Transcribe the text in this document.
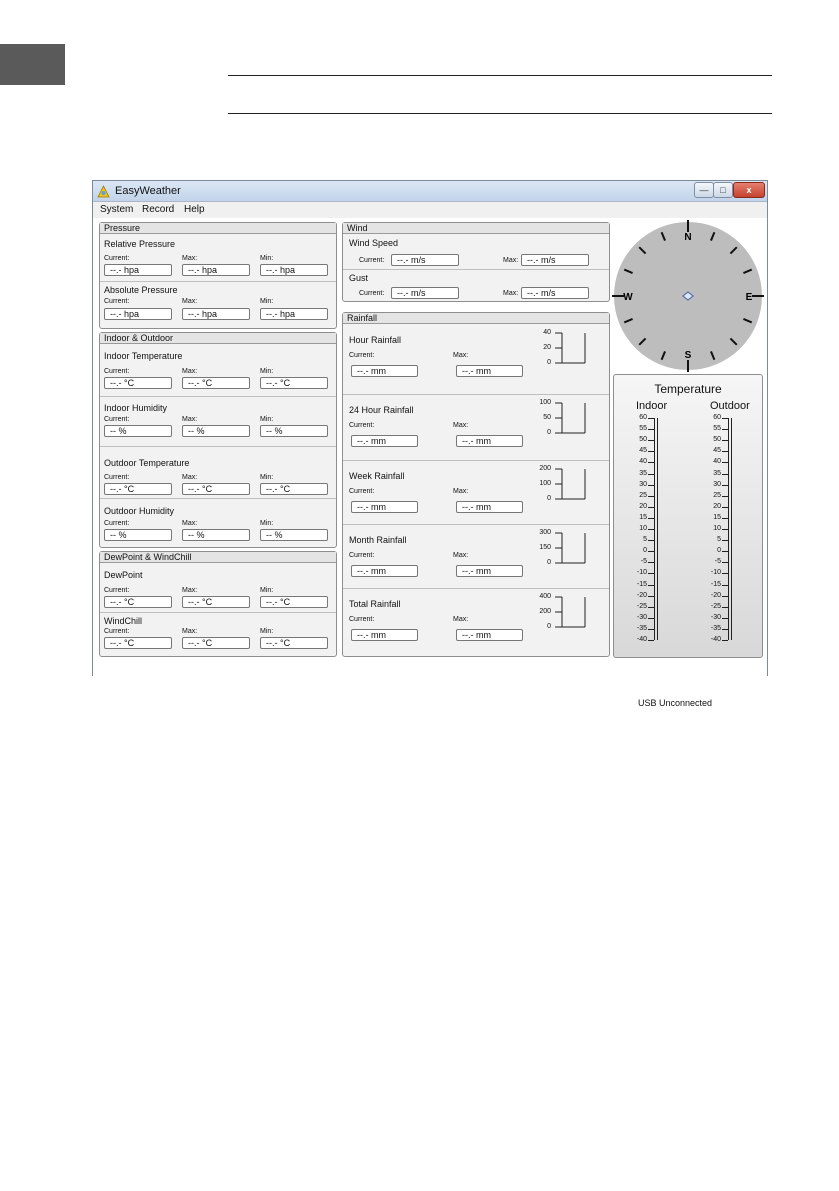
EasyWeather	—	□	x
System Record Help
Pressure
Relative Pressure
Current:	Max:	Min:
--.- hpa	--.- hpa	--.- hpa
Absolute Pressure
Current:	Max:	Min:
--.- hpa	--.- hpa	--.- hpa
Indoor & Outdoor
Indoor Temperature
Current:	Max:	Min:
--.- °C	--.- °C	--.- °C
Indoor Humidity
Current:	Max:	Min:
-- %	-- %	-- %
Outdoor Temperature
Current:	Max:	Min:
--.- °C	--.- °C	--.- °C
Outdoor Humidity
Current:	Max:	Min:
-- %	-- %	-- %
DewPoint & WindChill
DewPoint
Current:	Max:	Min:
--.- °C	--.- °C	--.- °C
WindChill
Current:	Max:	Min:
--.- °C	--.- °C	--.- °C
Wind
Wind Speed
Current:	--.- m/s	Max: --.- m/s
Gust
Current:	--.- m/s	Max: --.- m/s
Rainfall
Hour Rainfall
Current:	Max:
--.- mm	--.- mm
40
20
0
24 Hour Rainfall
Current:	Max:
--.- mm	--.- mm
100
50
0
Week Rainfall
Current:	Max:
--.- mm	--.- mm
200
100
0
Month Rainfall
Current:	Max:
--.- mm	--.- mm
300
150
0
Total Rainfall
Current:	Max:
--.- mm	--.- mm
400
200
0
N
E
S
W
Temperature
Indoor	Outdoor
60
55
50
45
40
35
30
25
20
15
10
5
0
-5
-10
-15
-20
-25
-30
-35
-40
60
55
50
45
40
35
30
25
20
15
10
5
0
-5
-10
-15
-20
-25
-30
-35
-40
USB Unconnected
